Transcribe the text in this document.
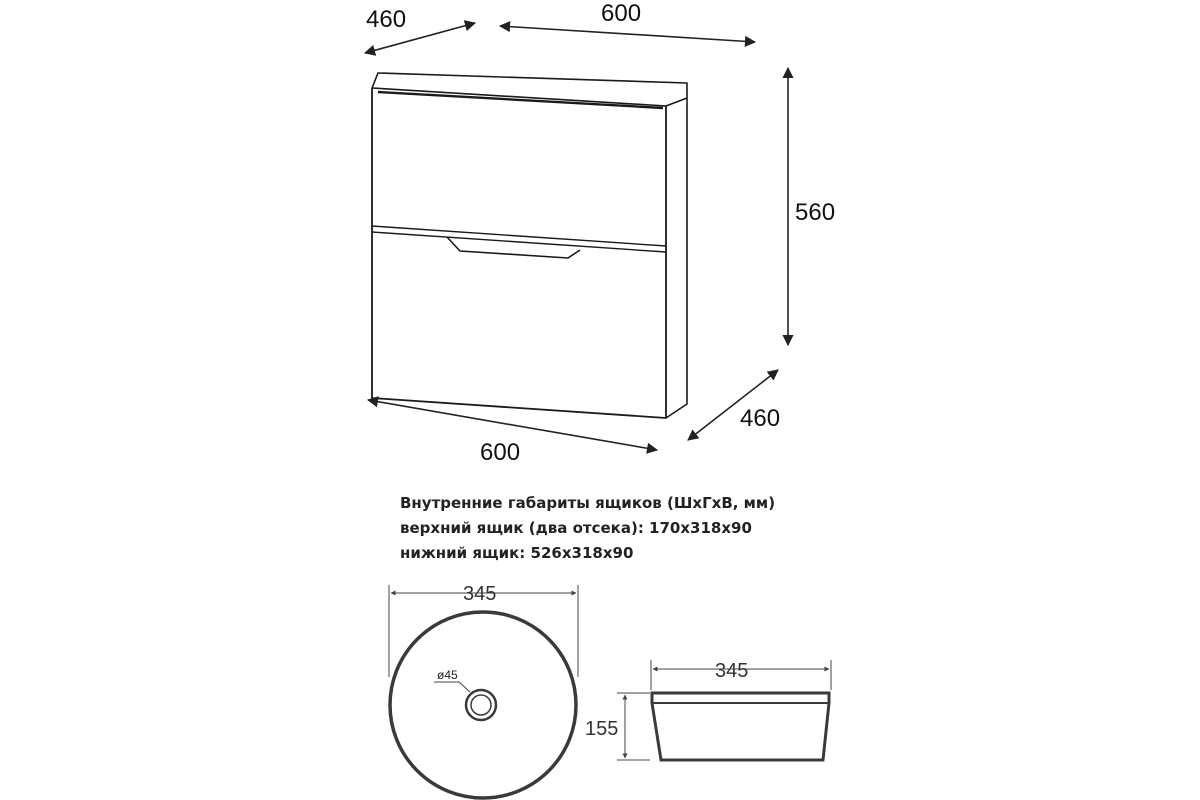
460	600
560
460
600
345
ø45	345
155
Внутренние габариты ящиков (ШхГхВ, мм)
верхний ящик (два отсека): 170x318x90
нижний ящик: 526x318x90
